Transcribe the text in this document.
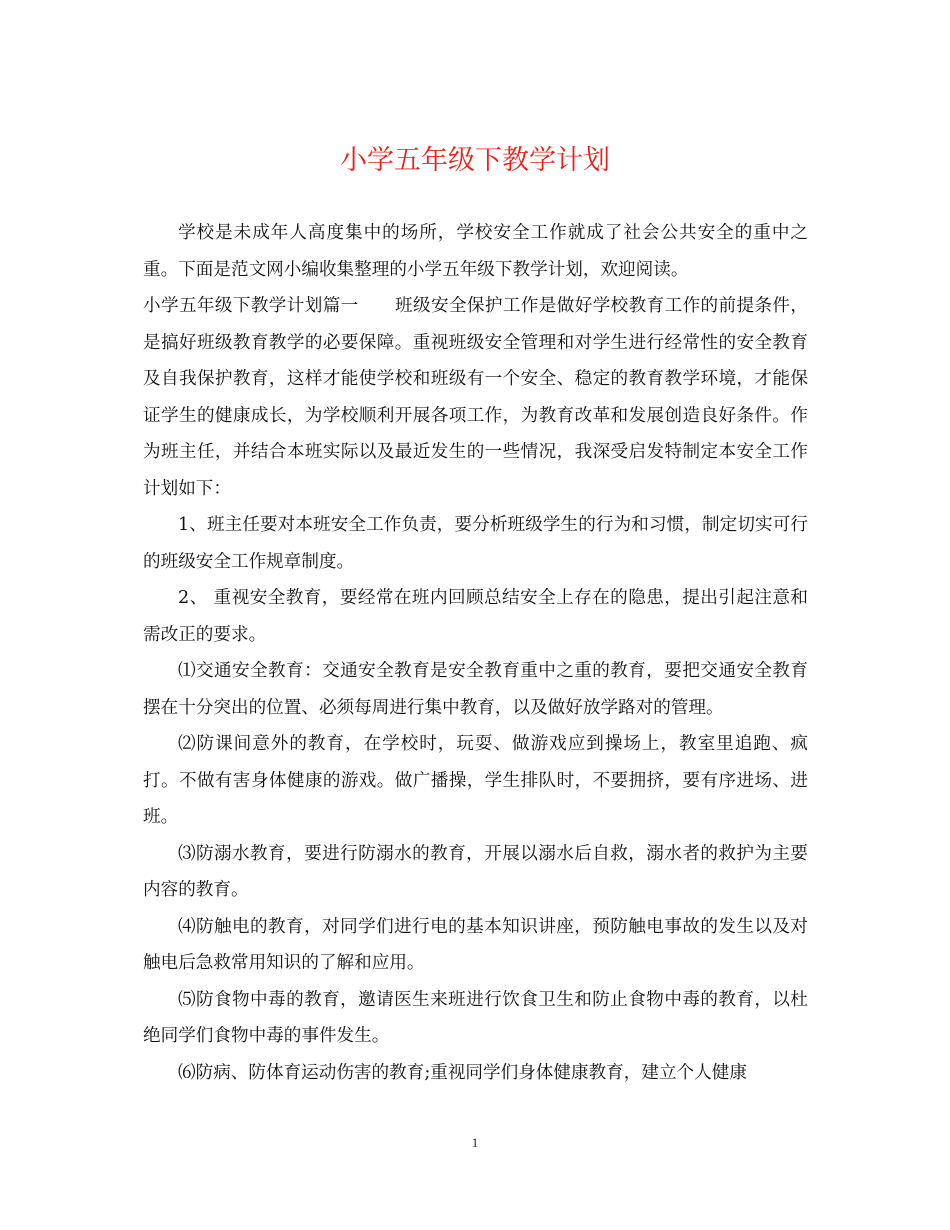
小学五年级下教学计划

学校是未成年人高度集中的场所，学校安全工作就成了社会公共安全的重中之重。下面是范文网小编收集整理的小学五年级下教学计划，欢迎阅读。

小学五年级下教学计划篇一 班级安全保护工作是做好学校教育工作的前提条件，是搞好班级教育教学的必要保障。重视班级安全管理和对学生进行经常性的安全教育及自我保护教育，这样才能使学校和班级有一个安全、稳定的教育教学环境，才能保证学生的健康成长，为学校顺利开展各项工作，为教育改革和发展创造良好条件。作为班主任，并结合本班实际以及最近发生的一些情况，我深受启发特制定本安全工作计划如下：

1、班主任要对本班安全工作负责，要分析班级学生的行为和习惯，制定切实可行的班级安全工作规章制度。

2、 重视安全教育，要经常在班内回顾总结安全上存在的隐患，提出引起注意和需改正的要求。

⑴交通安全教育：交通安全教育是安全教育重中之重的教育，要把交通安全教育摆在十分突出的位置、必须每周进行集中教育，以及做好放学路对的管理。

⑵防课间意外的教育，在学校时，玩耍、做游戏应到操场上，教室里追跑、疯打。不做有害身体健康的游戏。做广播操，学生排队时，不要拥挤，要有序进场、进班。

⑶防溺水教育，要进行防溺水的教育，开展以溺水后自救，溺水者的救护为主要内容的教育。

⑷防触电的教育，对同学们进行电的基本知识讲座，预防触电事故的发生以及对触电后急救常用知识的了解和应用。

⑸防食物中毒的教育，邀请医生来班进行饮食卫生和防止食物中毒的教育，以杜绝同学们食物中毒的事件发生。

⑹防病、防体育运动伤害的教育;重视同学们身体健康教育，建立个人健康

1
